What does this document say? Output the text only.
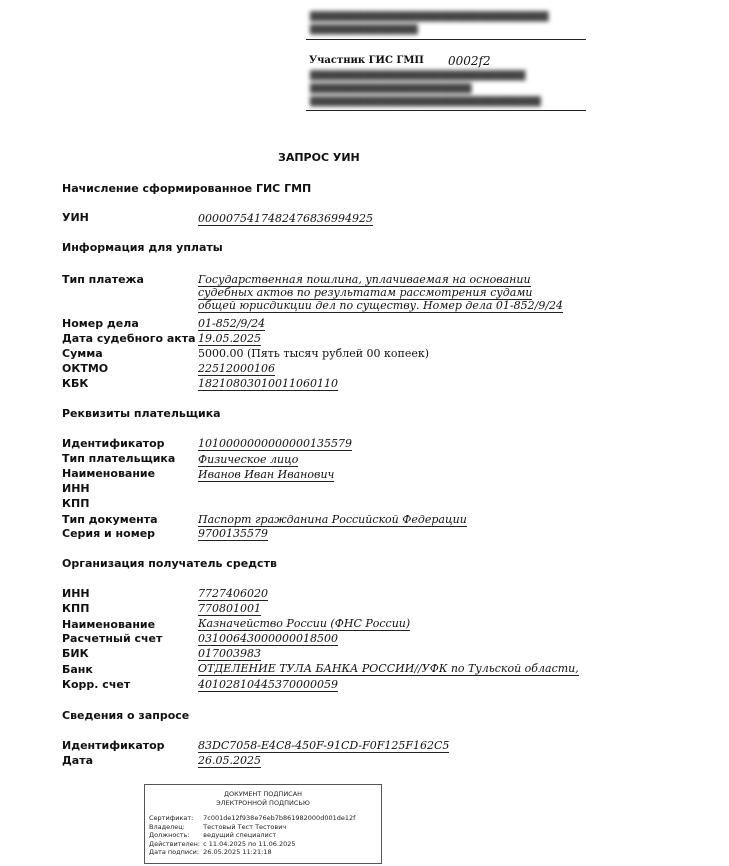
▇▇▇▇▇▇▇▇▇▇▇▇▇▇▇▇▇▇▇▇▇▇▇▇▇▇▇▇▇▇▇
▇▇▇▇▇▇▇▇▇▇▇▇▇▇
Участник ГИС ГМП 0002f2
▇▇▇▇▇▇▇▇▇▇▇▇▇▇▇▇▇▇▇▇▇▇▇▇▇▇▇▇
▇▇▇▇▇▇▇▇▇▇▇▇▇▇▇▇▇▇▇▇▇
▇▇▇▇▇▇▇▇▇▇▇▇▇▇▇▇▇▇▇▇▇▇▇▇▇▇▇▇▇▇
ЗАПРОС УИН
Начисление сформированное ГИС ГМП
УИН	0000075417482476836994925
Информация для уплаты
Тип платежа	Государственная пошлина, уплачиваемая на основании судебных актов по результатам рассмотрения судами общей юрисдикции дел по существу. Номер дела 01-852/9/24
Номер дела	01-852/9/24
Дата судебного акта 19.05.2025
Сумма	5000.00 (Пять тысяч рублей 00 копеек)
ОКТМО	22512000106
КБК	18210803010011060110
Реквизиты плательщика
Идентификатор	1010000000000000135579
Тип плательщика	Физическое лицо
Наименование	Иванов Иван Иванович
ИНН
КПП
Тип документа	Паспорт гражданина Российской Федерации
Серия и номер	9700135579
Организация получатель средств
ИНН	7727406020
КПП	770801001
Наименование	Казначейство России (ФНС России)
Расчетный счет	03100643000000018500
БИК	017003983
Банк	ОТДЕЛЕНИЕ ТУЛА БАНКА РОССИИ//УФК по Тульской области,
Корр. счет	40102810445370000059
Сведения о запросе
Идентификатор	83DC7058-E4C8-450F-91CD-F0F125F162C5
Дата	26.05.2025
ДОКУМЕНТ ПОДПИСАН
ЭЛЕКТРОННОЙ ПОДПИСЬЮ
Сертификат:	7c001de12f938e76eb7b861982000d001de12f
Владелец:	Тестовый Тест Тестович
Должность:	ведущий специалист
Действителен:	с 11.04.2025 по 11.06.2025
Дата подписи:	26.05.2025 11:21:18
